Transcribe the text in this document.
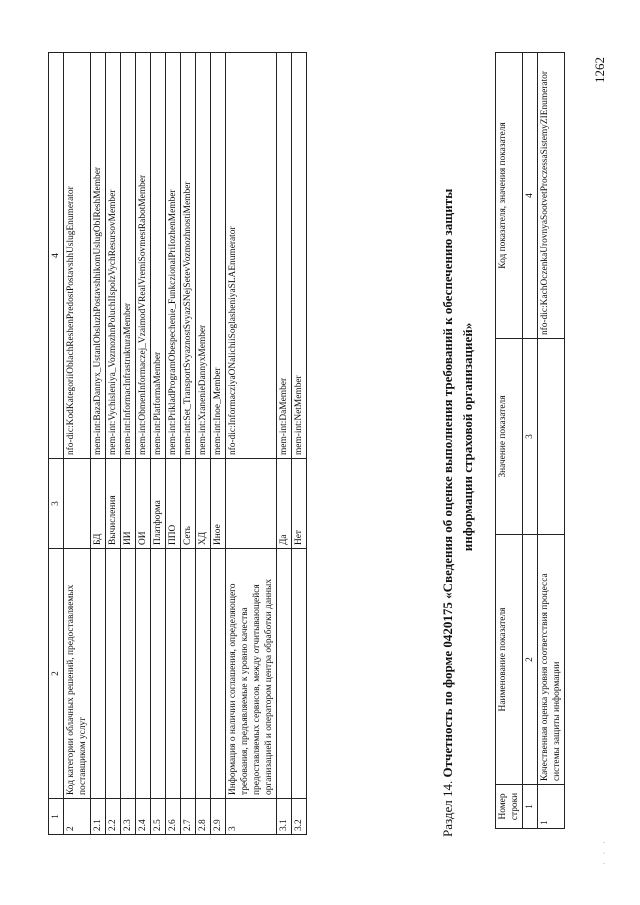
1	2	3	4
2	Код категории облачных решений, предоставляемых поставщиком услуг		nfo-dic:KodKategoriiOblachReshenPredostPostavshhUslugEnumerator
2.1		БД	mem-int:BazaDannyx_UstanlObsluzhPostavshhikomUslugObIReshMember
2.2		Вычисления	mem-int:Vychisleniya_VozmozhnPoluchIIspolzVychResursovMember
2.3		ИИ	mem-int:InformacInfrastrukturaMember
2.4		ОИ	mem-int:ObmenInformaczej_VzaimodVRealVremiSovmestRabotMember
2.5		Платформа	mem-int:PlatformaMember
2.6		ППО	mem-int:PrikladProgramObespechenie_FunkczionalPriIozhenMember
2.7		Сеть	mem-int:Set_TransportSvyaznostSvyazSNejSetevVozmozhnostiMember
2.8		ХД	mem-int:XranenieDannyxMember
2.9		Иное	mem-int:Inoe_Member
3	Информация о наличии соглашения, определяющего требования, предъявляемые к уровню качества предоставляемых сервисов, между отчитывающейся организацией и оператором центра обработки данных		nfo-dic:InformacziyaONalichiiSoglasheniyaSLAEnumerator
3.1		Да	mem-int:DaMember
3.2		Нет	mem-int:NetMember
Раздел 14. Отчетность по форме 0420175 «Сведения об оценке выполнения требований к обеспечению защиты информации страховой организацией»
Номер строки	Наименование показателя	Значение показателя	Код показателя, значения показателя
1	2	3	4
1	Качественная оценка уровня соответствия процесса системы защиты информации		nfo-dic:KachOczenkaUrovnyaSootvetProczessaSistemyZIEnumerator
1262
· · ·
